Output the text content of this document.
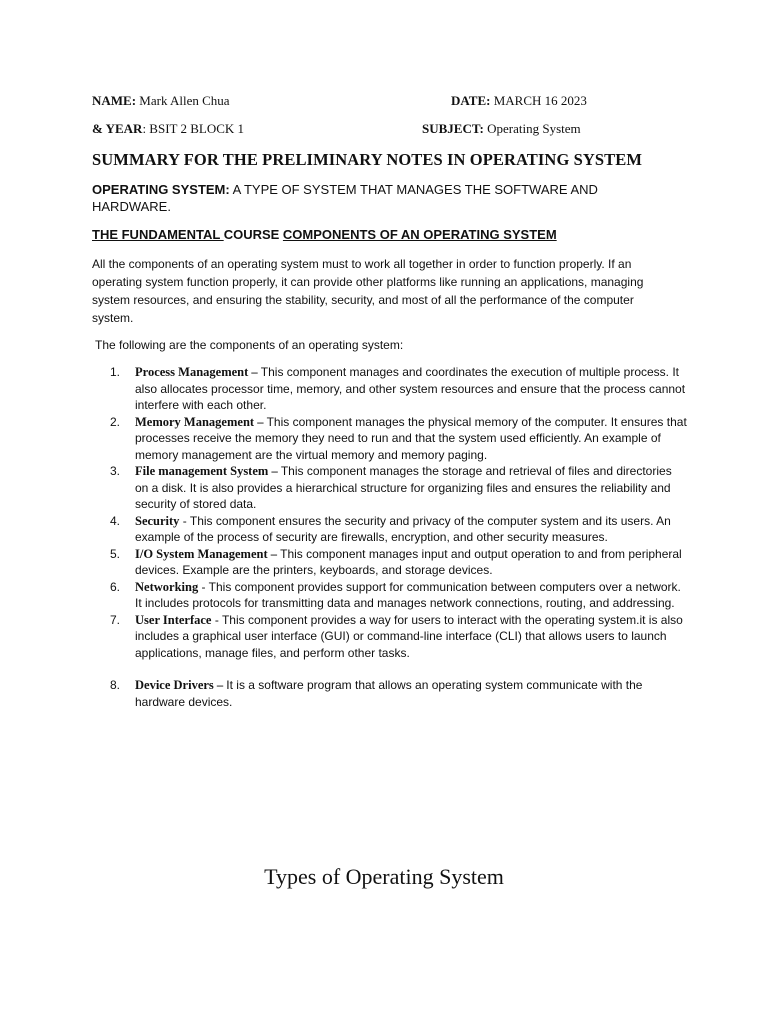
NAME: Mark Allen Chua	DATE: MARCH 16 2023
& YEAR: BSIT 2 BLOCK 1	SUBJECT: Operating System
SUMMARY FOR THE PRELIMINARY NOTES IN OPERATING SYSTEM
OPERATING SYSTEM: A TYPE OF SYSTEM THAT MANAGES THE SOFTWARE AND HARDWARE.
THE FUNDAMENTAL COURSE COMPONENTS OF AN OPERATING SYSTEM
All the components of an operating system must to work all together in order to function properly. If an operating system function properly, it can provide other platforms like running an applications, managing system resources, and ensuring the stability, security, and most of all the performance of the computer system.
The following are the components of an operating system:
1. Process Management – This component manages and coordinates the execution of multiple process. It also allocates processor time, memory, and other system resources and ensure that the process cannot interfere with each other.
2. Memory Management – This component manages the physical memory of the computer. It ensures that processes receive the memory they need to run and that the system used efficiently. An example of memory management are the virtual memory and memory paging.
3. File management System – This component manages the storage and retrieval of files and directories on a disk. It is also provides a hierarchical structure for organizing files and ensures the reliability and security of stored data.
4. Security - This component ensures the security and privacy of the computer system and its users. An example of the process of security are firewalls, encryption, and other security measures.
5. I/O System Management – This component manages input and output operation to and from peripheral devices. Example are the printers, keyboards, and storage devices.
6. Networking - This component provides support for communication between computers over a network. It includes protocols for transmitting data and manages network connections, routing, and addressing.
7. User Interface - This component provides a way for users to interact with the operating system.it is also includes a graphical user interface (GUI) or command-line interface (CLI) that allows users to launch applications, manage files, and perform other tasks.
8. Device Drivers – It is a software program that allows an operating system communicate with the hardware devices.
Types of Operating System
